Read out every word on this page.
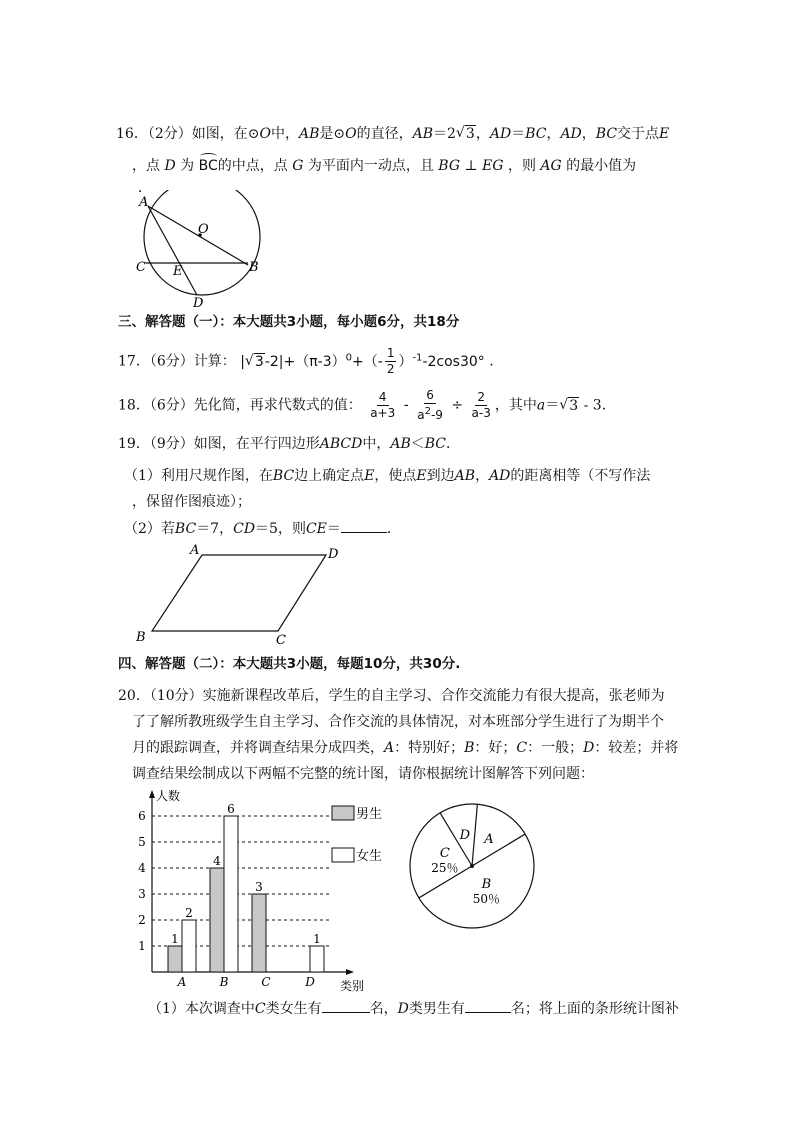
16．（2分）如图，在⊙O中，AB是⊙O的直径，AB＝2 √ 3，AD＝BC，AD，BC交于点E
，点 D 为 BC的中点，点 G 为平面内一动点，且 BG ⊥ EG ，则 AG 的最小值为
．
A
O
C E	B
D
三、解答题（一）：本大题共3小题，每小题6分，共18分
17．（6分）计算： | √ $3-2|+(\pi-3)^0+(- \frac{1}{2} )^{-1}-2\cos 30^\circ$ ．
18．（6分）先化简，再求代数式的值： $\frac{4}{a+3} - \frac{6}{a^2-9} \div \frac{2}{a-3}$ ，其中a＝ √ 3 - 3．
19．（9分）如图，在平行四边形ABCD中，AB＜BC．
（1）利用尺规作图，在BC边上确定点E，使点E到边AB，AD的距离相等（不写作法
，保留作图痕迹）；
（2）若BC＝7，CD＝5，则CE＝	．
A	D
B	C
四、解答题（二）：本大题共3小题，每题10分，共30分.
20．（10分）实施新课程改革后，学生的自主学习、合作交流能力有很大提高，张老师为
了了解所教班级学生自主学习、合作交流的具体情况，对本班部分学生进行了为期半个
月的跟踪调查，并将调查结果分成四类，A：特别好；B：好；C：一般；D：较差；并将
调查结果绘制成以下两幅不完整的统计图，请你根据统计图解答下列问题：
1
2
3
4
5
6
人数
类别
1
2
A
4
6
B
3
C
1
D
男生
女生
A
B
50％
C
25％
D
（1）本次调查中C类女生有	名，D类男生有	名；将上面的条形统计图补
